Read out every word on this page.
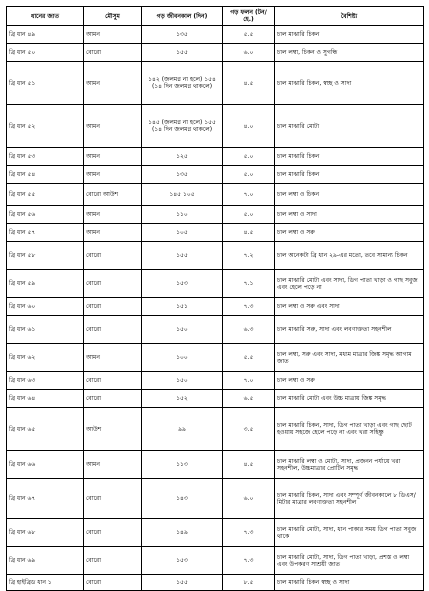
ধানের জাত	মৌসুম	গড় জীবনকাল (দিন)	গড় ফলন (টন/হে.)	বৈশিষ্ট্য
ব্রি ধান ৪৯	আমন	১৩৫	৫.৫	চাল মাঝারি চিকন
ব্রি ধান ৫০	বোরো	১৫৫	৬.০	চাল লম্বা, চিকন ও সুগন্ধি
ব্রি ধান ৫১	আমন	১৪২ (জলমগ্ন না হলে) ১৫৪ (১৪ দিন জলমগ্ন থাকলে)	৪.৫	চাল মাঝারি চিকন, স্বচ্ছ ও সাদা
ব্রি ধান ৫২	আমন	১৪৫ (জলমগ্ন না হলে) ১৫৫ (১৪ দিন জলমগ্ন থাকলে)	৪.০	চাল মাঝারি মোটা
ব্রি ধান ৫৩	আমন	১২৫	৫.০	চাল মাঝারি চিকন
ব্রি ধান ৫৪	আমন	১৩৫	৫.০	চাল মাঝারি চিকন
ব্রি ধান ৫৫	বোরো আউশ	১৪৫ ১০৫	৭.০	চাল লম্বা ও চিকন
ব্রি ধান ৫৬	আমন	১১০	৫.০	চাল লম্বা ও সাদা
ব্রি ধান ৫৭	আমন	১০৫	৪.৫	চাল লম্বা ও সরু
ব্রি ধান ৫৮	বোরো	১৫৫	৭.২	চাল অনেকটা ব্রি ধান ২৯-এর মতো, তবে সামান্য চিকন
ব্রি ধান ৫৯	বোরো	১৫৩	৭.১	চাল মাঝারি মোটা এবং সাদা, ডিগ পাতা খাড়া ও গাছ সবুজ এবং হেলে পড়ে না
ব্রি ধান ৬০	বোরো	১৫১	৭.৩	চাল লম্বা ও সরু এবং সাদা
ব্রি ধান ৬১	বোরো	১৫০	৬.৩	চাল মাঝারি সরু, সাদা এবং লবণাক্ততা সহনশীল
ব্রি ধান ৬২	আমন	১০০	৫.৫	চাল লম্বা, সরু এবং সাদা, মধ্যম মাত্রার জিঙ্ক সমৃদ্ধ আগাম জাত
ব্রি ধান ৬৩	বোরো	১৫০	৭.০	চাল লম্বা ও সরু
ব্রি ধান ৬৪	বোরো	১৫২	৬.৫	চাল মাঝারি মোটা এবং উচ্চ মাত্রায় জিঙ্ক সমৃদ্ধ
ব্রি ধান ৬৫	আউশ	৯৯	৩.৫	চাল মাঝারি চিকন, সাদা, ডিগ পাতা খাড়া এবং গাছ ছোট হওয়ায় সহজে হেলে পড়ে না এবং খরা সহিষ্ণু
ব্রি ধান ৬৬	আমন	১১৩	৪.৫	চাল মাঝারি লম্বা ও মোটা, সাদা, প্রজনন পর্যায়ে খরা সহনশীল, উচ্চমাত্রার প্রোটিন সমৃদ্ধ
ব্রি ধান ৬৭	বোরো	১৪৩	৬.০	চাল মাঝারি চিকন, সাদা এবং সম্পূর্ণ জীবনকালে ৮ ডিএস/মিটার মাত্রার লবণাক্ততা সহনশীল
ব্রি ধান ৬৮	বোরো	১৪৯	৭.৩	চাল মাঝারি মোটা, সাদা, ধান পাকার সময় ডিগ পাতা সবুজ থাকে
ব্রি ধান ৬৯	বোরো	১৫৩	৭.৩	চাল মাঝারি মোটা, সাদা, ডিগ পাতা খাড়া, প্রশস্ত ও লম্বা এবং উপকরণ সাশ্রয়ী জাত
ব্রি হাইব্রিড ধান ১	বোরো	১৫৫	৮.৫	চাল মাঝারি চিকন স্বচ্ছ ও সাদা
